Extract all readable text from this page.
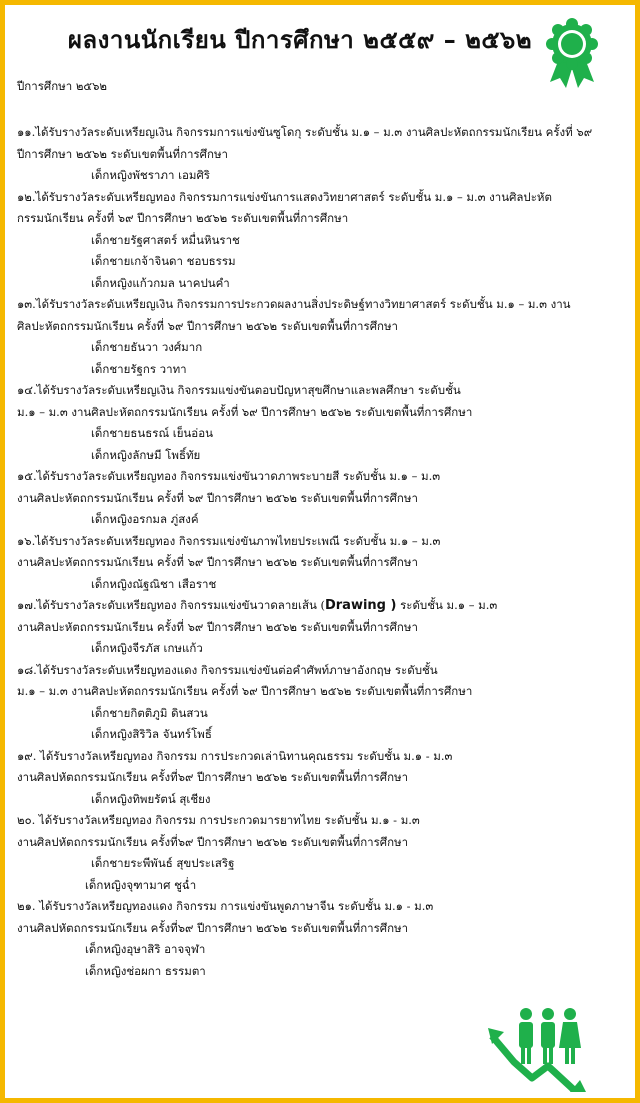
ผลงานนักเรียน ปีการศึกษา ๒๕๕๙ – ๒๕๖๒
ปีการศึกษา ๒๕๖๒

๑๑.ได้รับรางวัลระดับเหรียญเงิน กิจกรรมการแข่งขันซูโดกุ ระดับชั้น ม.๑ – ม.๓ งานศิลปะหัตถกรรมนักเรียน ครั้งที่ ๖๙

ปีการศึกษา ๒๕๖๒ ระดับเขตพื้นที่การศึกษา

เด็กหญิงพัชราภา เอมศิริ

๑๒.ได้รับรางวัลระดับเหรียญทอง กิจกรรมการแข่งขันการแสดงวิทยาศาสตร์ ระดับชั้น ม.๑ – ม.๓ งานศิลปะหัต

กรรมนักเรียน ครั้งที่ ๖๙ ปีการศึกษา ๒๕๖๒ ระดับเขตพื้นที่การศึกษา

เด็กชายรัฐศาสตร์ หมื่นหินราช

เด็กชายเกจ้าจินดา ชอบธรรม

เด็กหญิงแก้วกมล นาคปนคำ

๑๓.ได้รับรางวัลระดับเหรียญเงิน กิจกรรมการประกวดผลงานสิ่งประดิษฐ์ทางวิทยาศาสตร์ ระดับชั้น ม.๑ – ม.๓ งาน

ศิลปะหัตถกรรมนักเรียน ครั้งที่ ๖๙ ปีการศึกษา ๒๕๖๒ ระดับเขตพื้นที่การศึกษา

เด็กชายธันวา วงศ์มาก

เด็กชายรัฐกร วาทา

๑๔.ได้รับรางวัลระดับเหรียญเงิน กิจกรรมแข่งขันตอบปัญหาสุขศึกษาและพลศึกษา ระดับชั้น

ม.๑ – ม.๓ งานศิลปะหัตถกรรมนักเรียน ครั้งที่ ๖๙ ปีการศึกษา ๒๕๖๒ ระดับเขตพื้นที่การศึกษา

เด็กชายธนธรณ์ เย็นอ่อน

เด็กหญิงลักษมี โพธิ์ทัย

๑๕.ได้รับรางวัลระดับเหรียญทอง กิจกรรมแข่งขันวาดภาพระบายสี ระดับชั้น ม.๑ – ม.๓

งานศิลปะหัตถกรรมนักเรียน ครั้งที่ ๖๙ ปีการศึกษา ๒๕๖๒ ระดับเขตพื้นที่การศึกษา

เด็กหญิงอรกมล ภู่สงค์

๑๖.ได้รับรางวัลระดับเหรียญทอง กิจกรรมแข่งขันภาพไทยประเพณี ระดับชั้น ม.๑ – ม.๓

งานศิลปะหัตถกรรมนักเรียน ครั้งที่ ๖๙ ปีการศึกษา ๒๕๖๒ ระดับเขตพื้นที่การศึกษา

เด็กหญิงณัฐณิชา เสือราช

๑๗.ได้รับรางวัลระดับเหรียญทอง กิจกรรมแข่งขันวาดลายเส้น (Drawing ) ระดับชั้น ม.๑ – ม.๓

งานศิลปะหัตถกรรมนักเรียน ครั้งที่ ๖๙ ปีการศึกษา ๒๕๖๒ ระดับเขตพื้นที่การศึกษา

เด็กหญิงจีรภัส เกษแก้ว

๑๘.ได้รับรางวัลระดับเหรียญทองแดง กิจกรรมแข่งขันต่อคำศัพท์ภาษาอังกฤษ ระดับชั้น

ม.๑ – ม.๓ งานศิลปะหัตถกรรมนักเรียน ครั้งที่ ๖๙ ปีการศึกษา ๒๕๖๒ ระดับเขตพื้นที่การศึกษา

เด็กชายกิตติภูมิ ดินสวน

เด็กหญิงสิริวิล จันทร์โพธิ์

๑๙. ได้รับรางวัลเหรียญทอง กิจกรรม การประกวดเล่านิทานคุณธรรม ระดับชั้น ม.๑ - ม.๓

งานศิลปหัตถกรรมนักเรียน ครั้งที่๖๙ ปีการศึกษา ๒๕๖๒ ระดับเขตพื้นที่การศึกษา

เด็กหญิงทิพยรัตน์ สุเชียง

๒๐. ได้รับรางวัลเหรียญทอง กิจกรรม การประกวดมารยาทไทย ระดับชั้น ม.๑ - ม.๓

งานศิลปหัตถกรรมนักเรียน ครั้งที่๖๙ ปีการศึกษา ๒๕๖๒ ระดับเขตพื้นที่การศึกษา

เด็กชายระพีพันธ์ สุขประเสริฐ

เด็กหญิงจุฑามาศ ชูฉ่ำ

๒๑. ได้รับรางวัลเหรียญทองแดง กิจกรรม การแข่งขันพูดภาษาจีน ระดับชั้น ม.๑ - ม.๓

งานศิลปหัตถกรรมนักเรียน ครั้งที่๖๙ ปีการศึกษา ๒๕๖๒ ระดับเขตพื้นที่การศึกษา

เด็กหญิงอุษาสิริ อาจจุฬา

เด็กหญิงช่อผกา ธรรมตา
